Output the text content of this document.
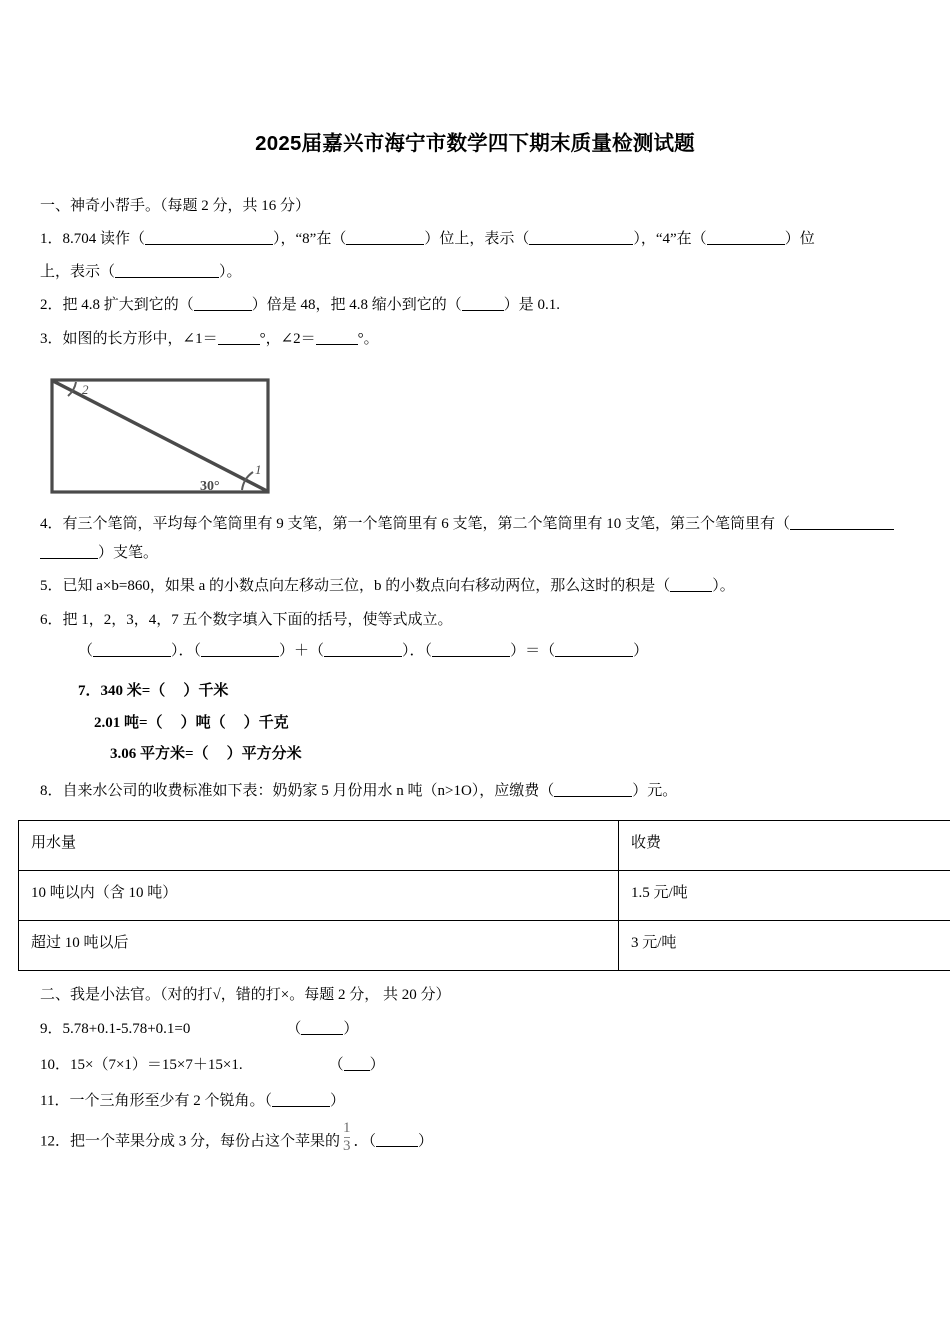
2025届嘉兴市海宁市数学四下期末质量检测试题

一、神奇小帮手。（每题 2 分，共 16 分）

1．8.704 读作（	），“8”在（	）位上，表示（	），“4”在（	）位

上，表示（	）。

2．把 4.8 扩大到它的（	）倍是 48，把 4.8 缩小到它的（	）是 0.1.

3．如图的长方形中，∠1＝	°，∠2＝	°。

2
1
30°

4．有三个笔筒，平均每个笔筒里有 9 支笔，第一个笔筒里有 6 支笔，第二个笔筒里有 10 支笔，第三个笔筒里有（
）支笔。

5．已知 a×b=860，如果 a 的小数点向左移动三位，b 的小数点向右移动两位，那么这时的积是（	）。

6．把 1，2，3，4，7 五个数字填入下面的括号，使等式成立。

（	）．（	）＋（	）．（	）＝（	）

7．340 米=（ ）千米

2.01 吨=（ ）吨（ ）千克

3.06 平方米=（ ）平方分米

8．自来水公司的收费标准如下表：奶奶家 5 月份用水 n 吨（n>1O），应缴费（	）元。

用水量	收费
10 吨以内（含 10 吨）	1.5 元/吨
超过 10 吨以后	3 元/吨

二、我是小法官。（对的打√，错的打×。每题 2 分， 共 20 分）

9．5.78+0.1-5.78+0.1=0	（	）

10．15×（7×1）＝15×7＋15×1.	（ ）

11．一个三角形至少有 2 个锐角。（	）

12．把一个苹果分成 3 分，每份占这个苹果的 $\frac{1}{3}$ ．（	）
